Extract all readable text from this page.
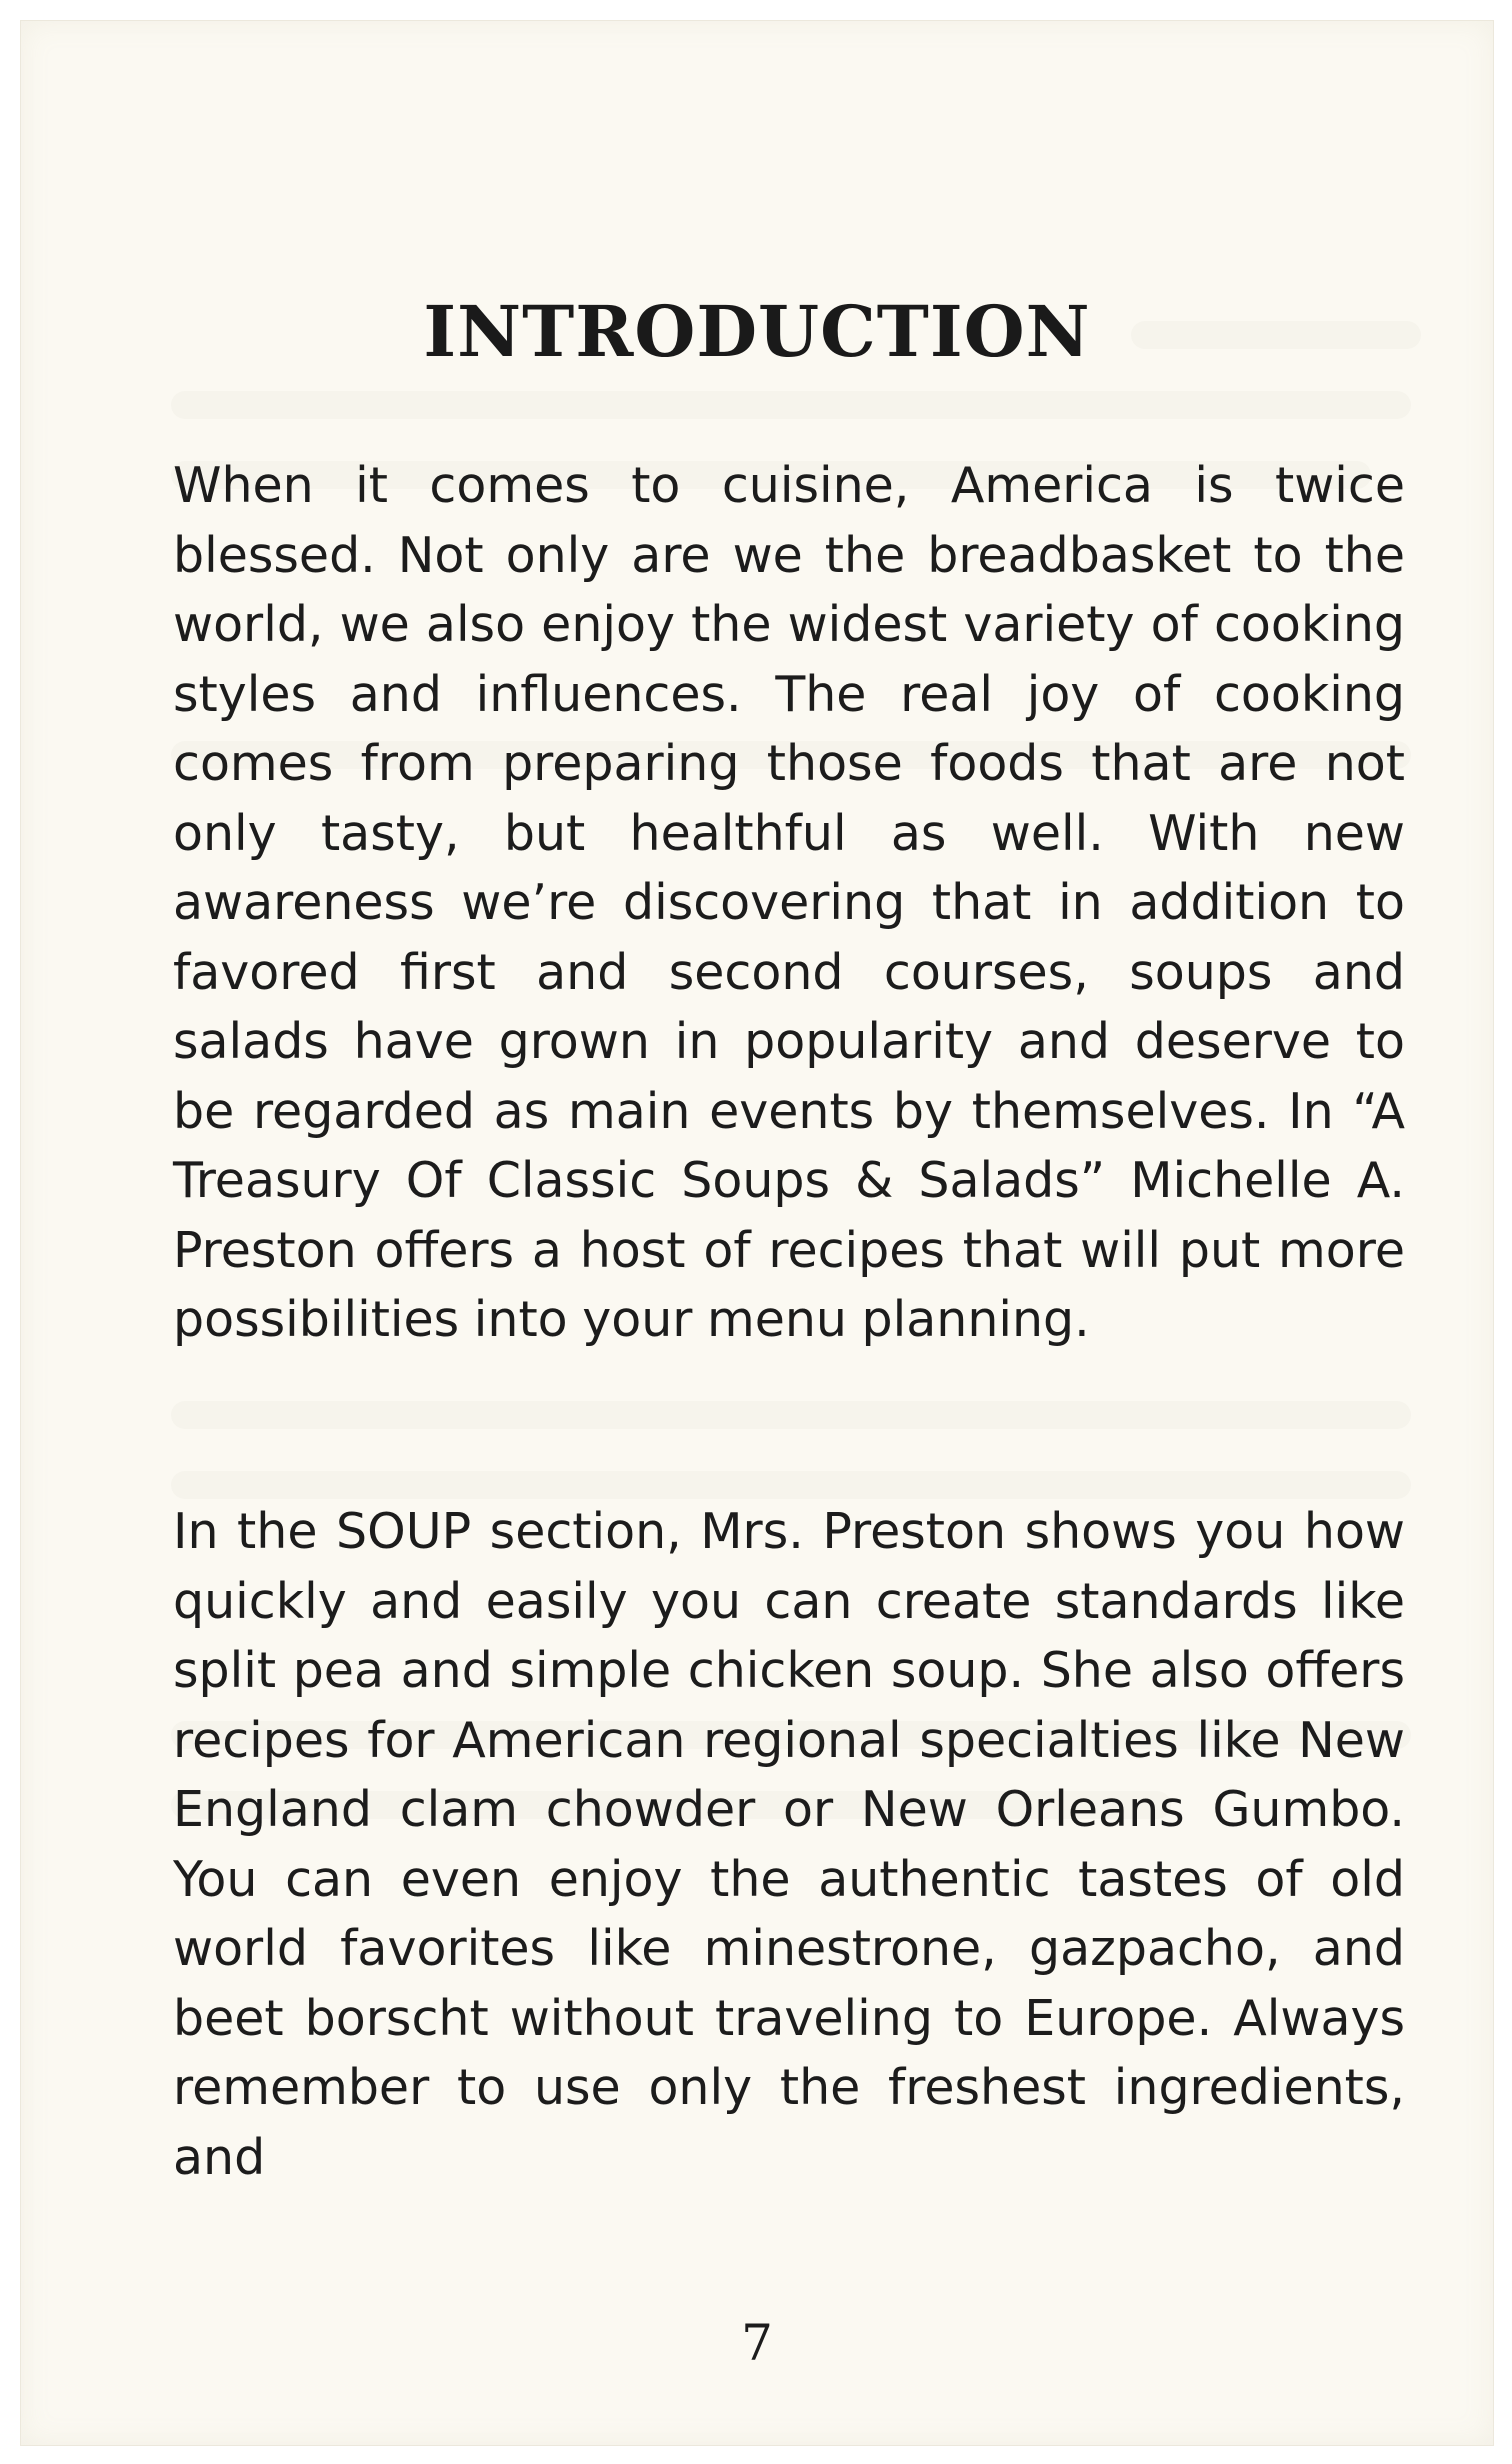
INTRODUCTION

When it comes to cuisine, America is twice blessed. Not only are we the breadbasket to the world, we also enjoy the widest variety of cooking styles and influences. The real joy of cooking comes from preparing those foods that are not only tasty, but healthful as well. With new awareness we’re discovering that in addition to favored first and second courses, soups and salads have grown in popularity and deserve to be regarded as main events by themselves. In “A Treasury Of Classic Soups & Salads” Michelle A. Preston offers a host of recipes that will put more possibilities into your menu planning.

In the SOUP section, Mrs. Preston shows you how quickly and easily you can create standards like split pea and simple chicken soup. She also offers recipes for American regional specialties like New England clam chowder or New Orleans Gumbo. You can even enjoy the authentic tastes of old world favorites like minestrone, gazpacho, and beet borscht without traveling to Europe. Always remember to use only the freshest ingredients, and

7
